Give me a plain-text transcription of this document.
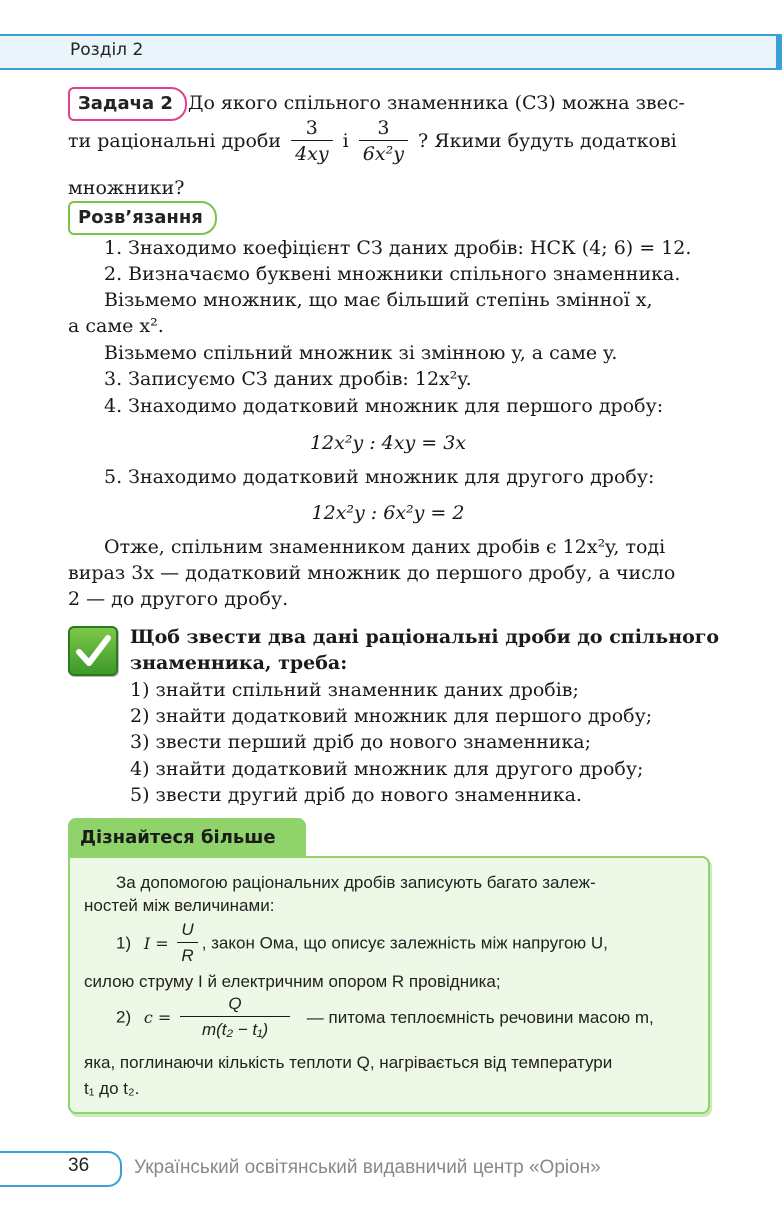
Розділ 2
Задача 2 До якого спільного знаменника (СЗ) можна звес-
ти раціональні дроби $\frac{3}{4xy}$ і $\frac{3}{\text{6x²y}}$ ? Якими будуть додаткові
множники?
Розв’язання
1. Знаходимо коефіцієнт СЗ даних дробів: НСК (4; 6) = 12.
2. Визначаємо буквені множники спільного знаменника.
Візьмемо множник, що має більший степінь змінної x,
а саме x².
Візьмемо спільний множник зі змінною y, а саме y.
3. Записуємо СЗ даних дробів: 12x²y.
4. Знаходимо додатковий множник для першого дробу:
12x²y : 4xy = 3x
5. Знаходимо додатковий множник для другого дробу:
12x²y : 6x²y = 2
Отже, спільним знаменником даних дробів є 12x²y, тоді
вираз 3x — додатковий множник до першого дробу, а число
2 — до другого дробу.
Щоб звести два дані раціональні дроби до спільного
знаменника, треба:
1) знайти спільний знаменник даних дробів;
2) знайти додатковий множник для першого дробу;
3) звести перший дріб до нового знаменника;
4) знайти додатковий множник для другого дробу;
5) звести другий дріб до нового знаменника.
Дізнайтеся більше
За допомогою раціональних дробів записують багато залеж-
ностей між величинами:
1) $I = \frac{U}{R}$ , закон Ома, що описує залежність між напругою U,
силою струму I й електричним опором R провідника;
2) $c = \frac{Q}{\text{m(t₂ − t₁)}}$ — питома теплоємність речовини масою m,
яка, поглинаючи кількість теплоти Q, нагрівається від температури
t₁ до t₂.
36 Український освітянський видавничий центр «Оріон»
